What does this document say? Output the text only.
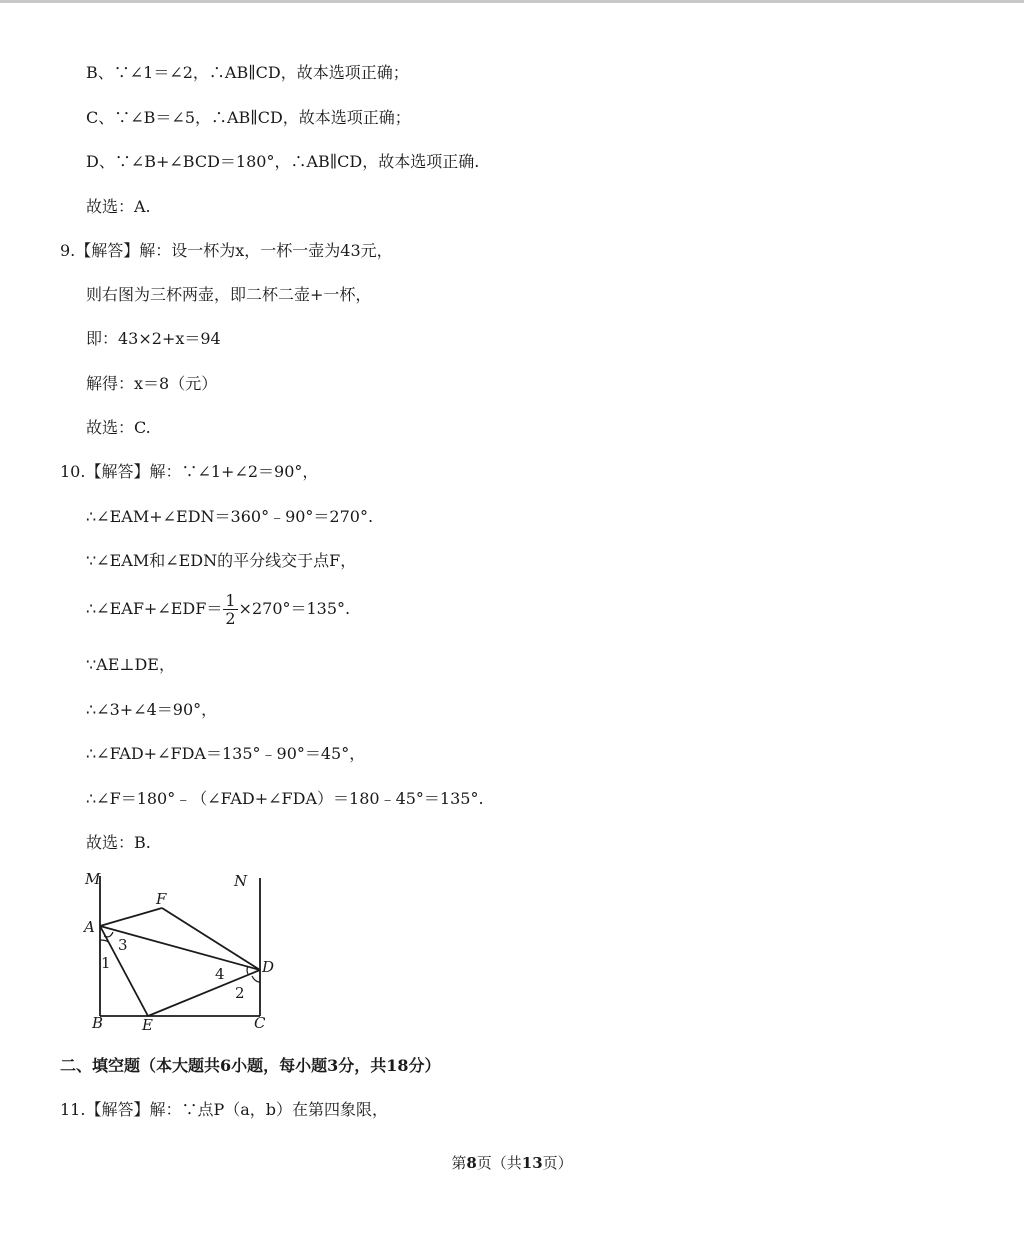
B、∵∠1＝∠2，∴AB∥CD，故本选项正确；
C、∵∠B＝∠5，∴AB∥CD，故本选项正确；
D、∵∠B+∠BCD＝180°，∴AB∥CD，故本选项正确.
故选：A.
9.【解答】解：设一杯为x，一杯一壶为43元，
则右图为三杯两壶，即二杯二壶+一杯，
即：43×2+x＝94
解得：x＝8（元）
故选：C.
10.【解答】解：∵∠1+∠2＝90°，
∴∠EAM+∠EDN＝360°﹣90°＝270°.
∵∠EAM和∠EDN的平分线交于点F，
∴∠EAF+∠EDF＝ $\frac{1}{2} \times 270^\circ=135^\circ$.
∵AE⊥DE，
∴∠3+∠4＝90°，
∴∠FAD+∠FDA＝135°﹣90°＝45°，
∴∠F＝180°﹣（∠FAD+∠FDA）＝180﹣45°＝135°.
故选：B.
M	N
F
A
D
B	E	C
3
1
4
2
二、填空题（本大题共6小题，每小题3分，共18分）
11.【解答】解：∵点P（a，b）在第四象限，
第8页（共13页）
